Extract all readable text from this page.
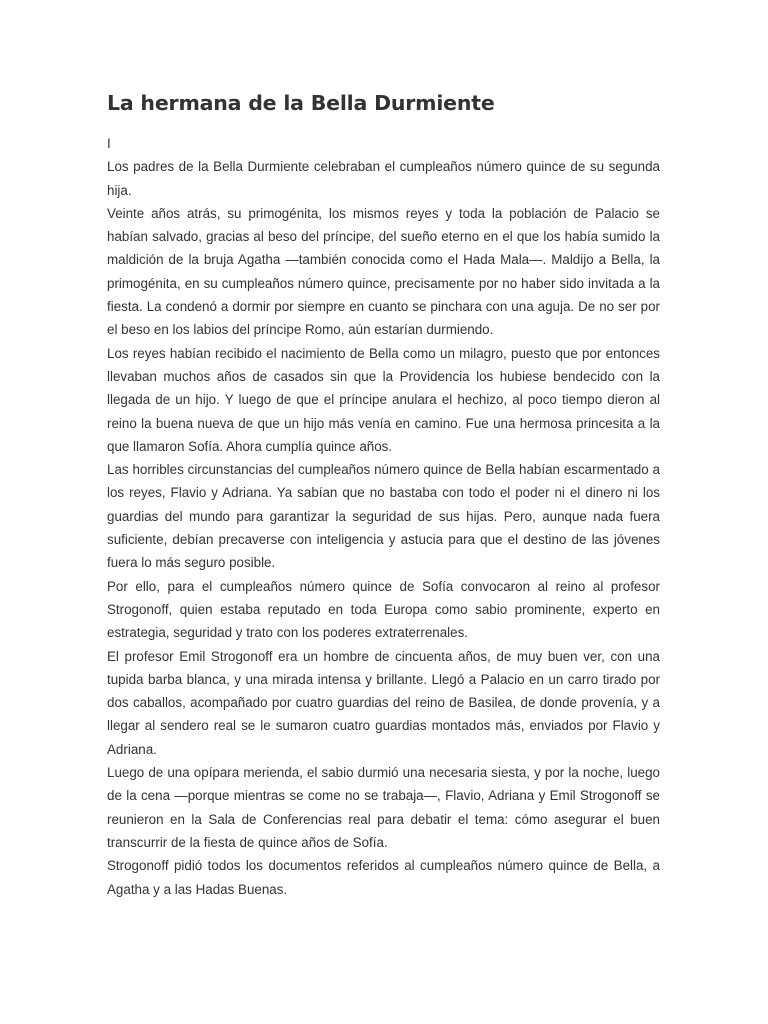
La hermana de la Bella Durmiente

I

Los padres de la Bella Durmiente celebraban el cumpleaños número quince de su segunda hija.

Veinte años atrás, su primogénita, los mismos reyes y toda la población de Palacio se habían salvado, gracias al beso del príncipe, del sueño eterno en el que los había sumido la maldición de la bruja Agatha —también conocida como el Hada Mala—. Maldijo a Bella, la primogénita, en su cumpleaños número quince, precisamente por no haber sido invitada a la fiesta. La condenó a dormir por siempre en cuanto se pinchara con una aguja. De no ser por el beso en los labios del príncipe Romo, aún estarían durmiendo.

Los reyes habían recibido el nacimiento de Bella como un milagro, puesto que por entonces llevaban muchos años de casados sin que la Providencia los hubiese bendecido con la llegada de un hijo. Y luego de que el príncipe anulara el hechizo, al poco tiempo dieron al reino la buena nueva de que un hijo más venía en camino. Fue una hermosa princesita a la que llamaron Sofía. Ahora cumplía quince años.

Las horribles circunstancias del cumpleaños número quince de Bella habían escarmentado a los reyes, Flavio y Adriana. Ya sabían que no bastaba con todo el poder ni el dinero ni los guardias del mundo para garantizar la seguridad de sus hijas. Pero, aunque nada fuera suficiente, debían precaverse con inteligencia y astucia para que el destino de las jóvenes fuera lo más seguro posible.

Por ello, para el cumpleaños número quince de Sofía convocaron al reino al profesor Strogonoff, quien estaba reputado en toda Europa como sabio prominente, experto en estrategia, seguridad y trato con los poderes extraterrenales.

El profesor Emil Strogonoff era un hombre de cincuenta años, de muy buen ver, con una tupida barba blanca, y una mirada intensa y brillante. Llegó a Palacio en un carro tirado por dos caballos, acompañado por cuatro guardias del reino de Basilea, de donde provenía, y a llegar al sendero real se le sumaron cuatro guardias montados más, enviados por Flavio y Adriana.

Luego de una opípara merienda, el sabio durmió una necesaria siesta, y por la noche, luego de la cena —porque mientras se come no se trabaja—, Flavio, Adriana y Emil Strogonoff se reunieron en la Sala de Conferencias real para debatir el tema: cómo asegurar el buen transcurrir de la fiesta de quince años de Sofía.

Strogonoff pidió todos los documentos referidos al cumpleaños número quince de Bella, a Agatha y a las Hadas Buenas.
